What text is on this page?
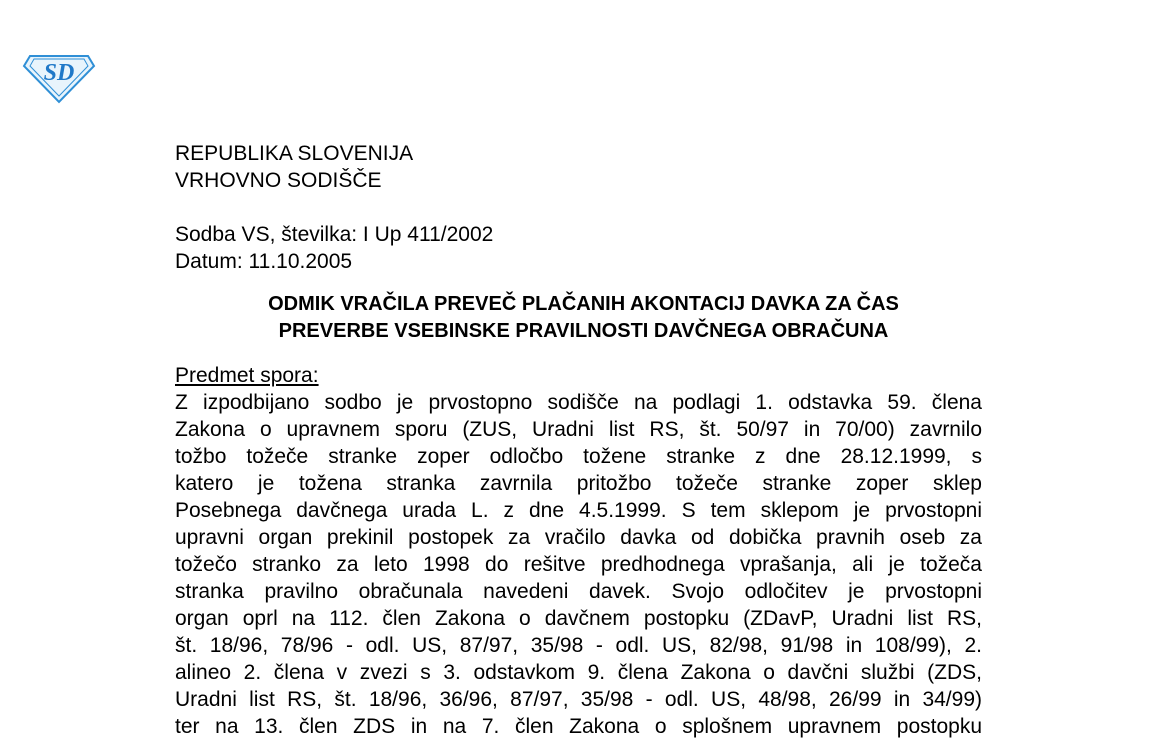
SD
REPUBLIKA SLOVENIJA
VRHOVNO SODIŠČE
Sodba VS, številka: I Up 411/2002
Datum: 11.10.2005
ODMIK VRAČILA PREVEČ PLAČANIH AKONTACIJ DAVKA ZA ČAS
PREVERBE VSEBINSKE PRAVILNOSTI DAVČNEGA OBRAČUNA
Predmet spora:
Z izpodbijano sodbo je prvostopno sodišče na podlagi 1. odstavka 59. člena
Zakona o upravnem sporu (ZUS, Uradni list RS, št. 50/97 in 70/00) zavrnilo
tožbo tožeče stranke zoper odločbo tožene stranke z dne 28.12.1999, s
katero je tožena stranka zavrnila pritožbo tožeče stranke zoper sklep
Posebnega davčnega urada L. z dne 4.5.1999. S tem sklepom je prvostopni
upravni organ prekinil postopek za vračilo davka od dobička pravnih oseb za
tožečo stranko za leto 1998 do rešitve predhodnega vprašanja, ali je tožeča
stranka pravilno obračunala navedeni davek. Svojo odločitev je prvostopni
organ oprl na 112. člen Zakona o davčnem postopku (ZDavP, Uradni list RS,
št. 18/96, 78/96 - odl. US, 87/97, 35/98 - odl. US, 82/98, 91/98 in 108/99), 2.
alineo 2. člena v zvezi s 3. odstavkom 9. člena Zakona o davčni službi (ZDS,
Uradni list RS, št. 18/96, 36/96, 87/97, 35/98 - odl. US, 48/98, 26/99 in 34/99)
ter na 13. člen ZDS in na 7. člen Zakona o splošnem upravnem postopku
